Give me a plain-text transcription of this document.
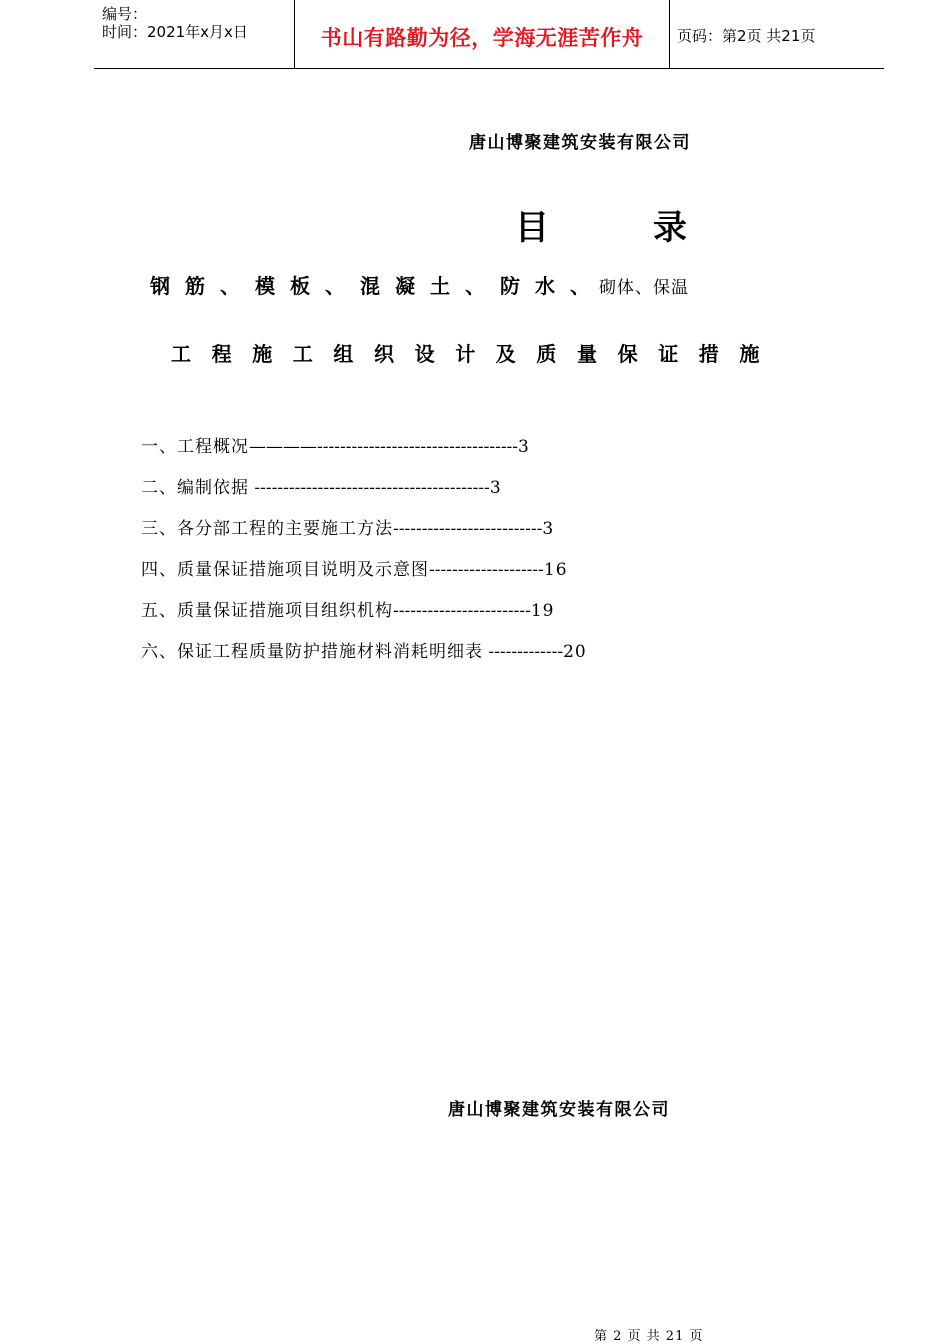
编号：
时间：2021年x月x日	书山有路勤为径，学海无涯苦作舟	页码：第2页 共21页
唐山博聚建筑安装有限公司
目录
钢筋、模板、混凝土、防水、砌体、保温
工程施工组织设计及质量保证措施
一、工程概况————-----------------------------------3
二、编制依据 -----------------------------------------3
三、各分部工程的主要施工方法--------------------------3
四、质量保证措施项目说明及示意图--------------------16
五、质量保证措施项目组织机构------------------------19
六、保证工程质量防护措施材料消耗明细表 -------------20
唐山博聚建筑安装有限公司
第 2 页 共 21 页
